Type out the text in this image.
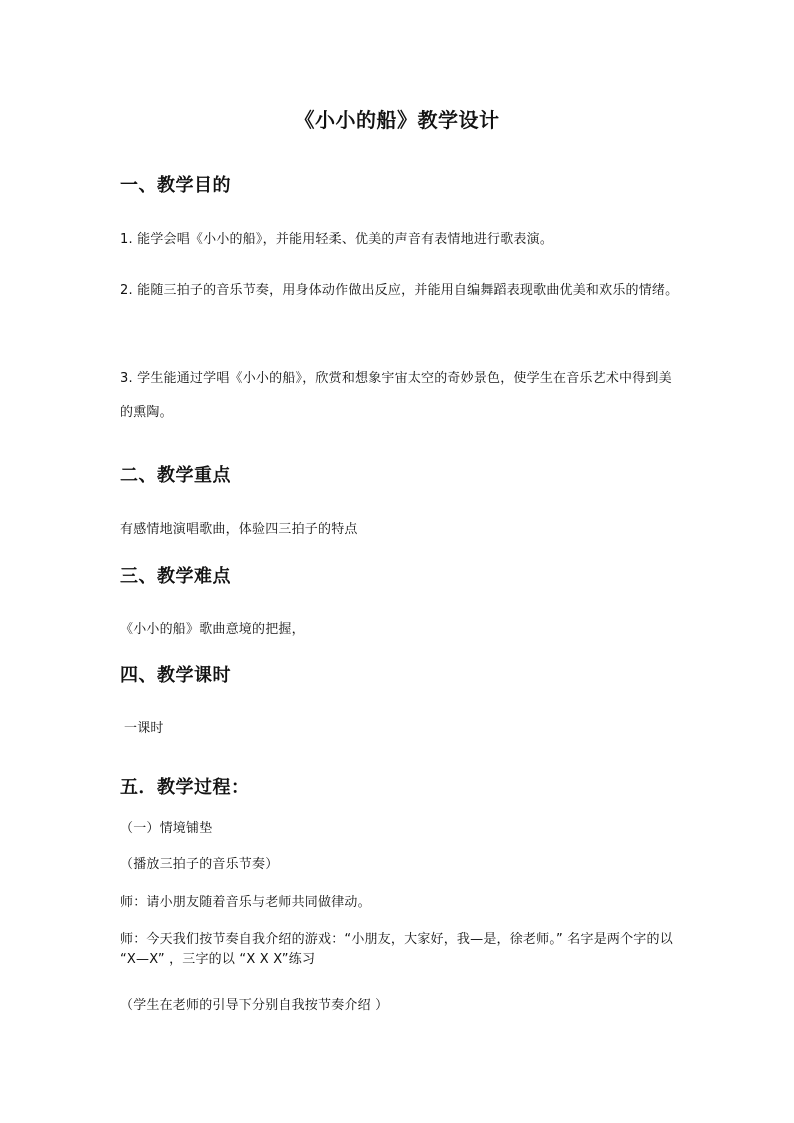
《小小的船》教学设计
一、教学目的
1. 能学会唱《小小的船》，并能用轻柔、优美的声音有表情地进行歌表演。
2. 能随三拍子的音乐节奏，用身体动作做出反应，并能用自编舞蹈表现歌曲优美和欢乐的情绪。
3. 学生能通过学唱《小小的船》，欣赏和想象宇宙太空的奇妙景色，使学生在音乐艺术中得到美的熏陶。
二、教学重点
有感情地演唱歌曲，体验四三拍子的特点
三、教学难点
《小小的船》歌曲意境的把握，
四、教学课时
一课时
五．教学过程：
（一）情境铺垫
（播放三拍子的音乐节奏）
师：请小朋友随着音乐与老师共同做律动。
师：今天我们按节奏自我介绍的游戏：“小朋友，大家好，我—是，徐老师。” 名字是两个字的以 “X—X” ，三字的以 “X X X”练习
（学生在老师的引导下分别自我按节奏介绍 ）
